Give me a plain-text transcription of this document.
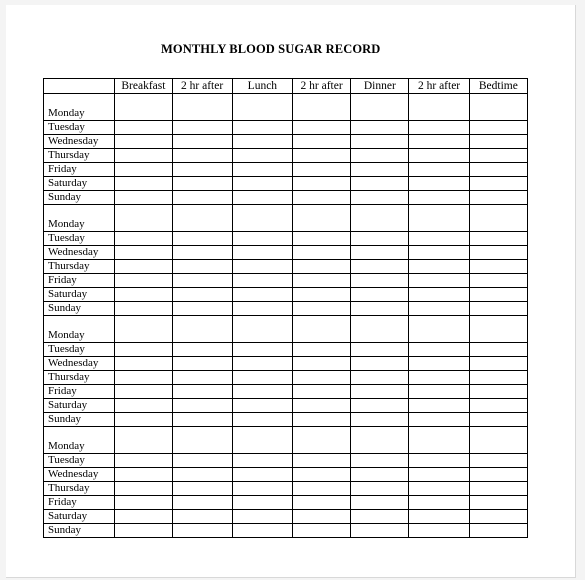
MONTHLY BLOOD SUGAR RECORD
	Breakfast	2 hr after	Lunch	2 hr after	Dinner	2 hr after	Bedtime
Monday							
Tuesday							
Wednesday							
Thursday							
Friday							
Saturday							
Sunday							
Monday							
Tuesday							
Wednesday							
Thursday							
Friday							
Saturday							
Sunday							
Monday							
Tuesday							
Wednesday							
Thursday							
Friday							
Saturday							
Sunday							
Monday							
Tuesday							
Wednesday							
Thursday							
Friday							
Saturday							
Sunday							
